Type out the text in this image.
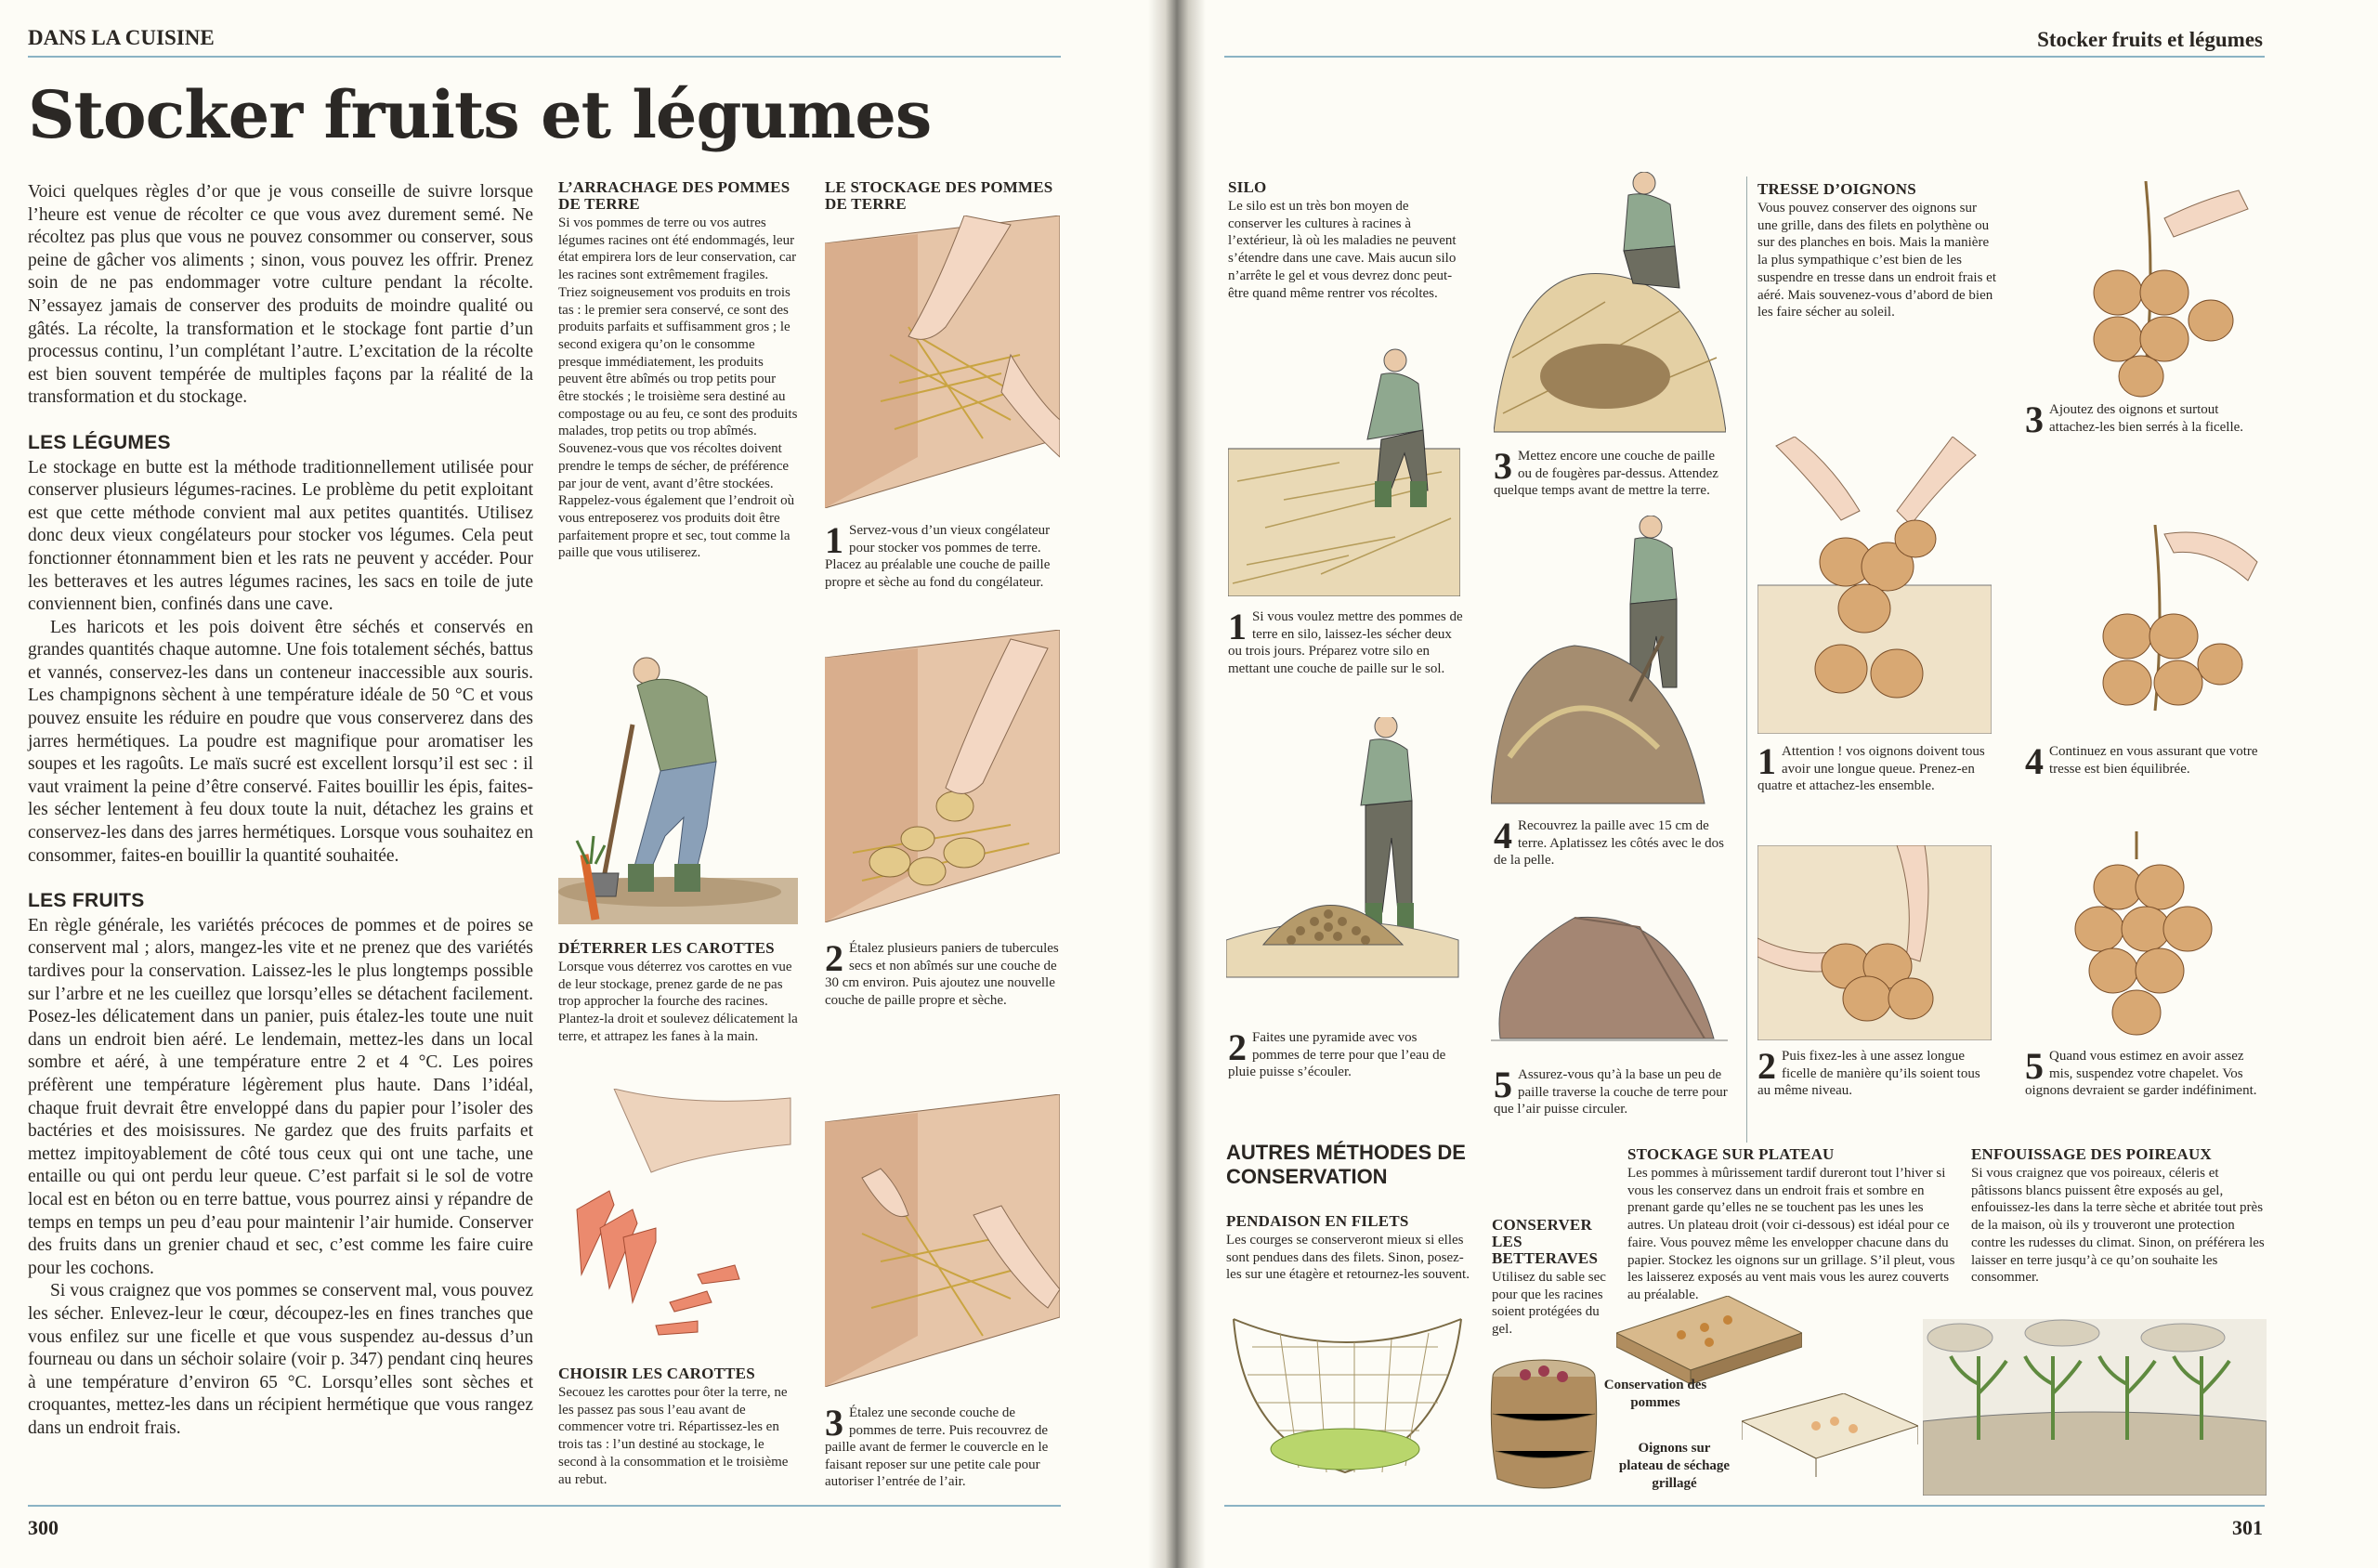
DANS LA CUISINE
Stocker fruits et légumes

Voici quelques règles d’or que je vous conseille de suivre lorsque l’heure est venue de récolter ce que vous avez durement semé. Ne récoltez pas plus que vous ne pouvez consommer ou conserver, sous peine de gâcher vos aliments ; sinon, vous pouvez les offrir. Prenez soin de ne pas endommager votre culture pendant la récolte. N’essayez jamais de conserver des produits de moindre qualité ou gâtés. La récolte, la transformation et le stockage font partie d’un processus continu, l’un complétant l’autre. L’excitation de la récolte est bien souvent tempérée de multiples façons par la réalité de la transformation et du stockage.

LES LÉGUMES

Le stockage en butte est la méthode traditionnellement utilisée pour conserver plusieurs légumes-racines. Le problème du petit exploitant est que cette méthode convient mal aux petites quantités. Utilisez donc deux vieux congélateurs pour stocker vos légumes. Cela peut fonctionner étonnamment bien et les rats ne peuvent y accéder. Pour les betteraves et les autres légumes racines, les sacs en toile de jute conviennent bien, confinés dans une cave.

Les haricots et les pois doivent être séchés et conservés en grandes quantités chaque automne. Une fois totalement séchés, battus et vannés, conservez-les dans un conteneur inaccessible aux souris. Les champignons sèchent à une température idéale de 50 °C et vous pouvez ensuite les réduire en poudre que vous conserverez dans des jarres hermétiques. La poudre est magnifique pour aromatiser les soupes et les ragoûts. Le maïs sucré est excellent lorsqu’il est sec : il vaut vraiment la peine d’être conservé. Faites bouillir les épis, faites-les sécher lentement à feu doux toute la nuit, détachez les grains et conservez-les dans des jarres hermétiques. Lorsque vous souhaitez en consommer, faites-en bouillir la quantité souhaitée.

LES FRUITS

En règle générale, les variétés précoces de pommes et de poires se conservent mal ; alors, mangez-les vite et ne prenez que des variétés tardives pour la conservation. Laissez-les le plus longtemps possible sur l’arbre et ne les cueillez que lorsqu’elles se détachent facilement. Posez-les délicatement dans un panier, puis étalez-les toute une nuit dans un endroit bien aéré. Le lendemain, mettez-les dans un local sombre et aéré, à une température entre 2 et 4 °C. Les poires préfèrent une température légèrement plus haute. Dans l’idéal, chaque fruit devrait être enveloppé dans du papier pour l’isoler des bactéries et des moisissures. Ne gardez que des fruits parfaits et mettez impitoyablement de côté tous ceux qui ont une tache, une entaille ou qui ont perdu leur queue. C’est parfait si le sol de votre local est en béton ou en terre battue, vous pourrez ainsi y répandre de temps en temps un peu d’eau pour maintenir l’air humide. Conserver des fruits dans un grenier chaud et sec, c’est comme les faire cuire pour les cochons.

Si vous craignez que vos pommes se conservent mal, vous pouvez les sécher. Enlevez-leur le cœur, découpez-les en fines tranches que vous enfilez sur une ficelle et que vous suspendez au-dessus d’un fourneau ou dans un séchoir solaire (voir p. 347) pendant cinq heures à une température d’environ 65 °C. Lorsqu’elles sont sèches et croquantes, mettez-les dans un récipient hermétique que vous rangez dans un endroit frais.

L’ARRACHAGE DES POMMES DE TERRE
Si vos pommes de terre ou vos autres légumes racines ont été endommagés, leur état empirera lors de leur conservation, car les racines sont extrêmement fragiles. Triez soigneusement vos produits en trois tas : le premier sera conservé, ce sont des produits parfaits et suffisamment gros ; le second exigera qu’on le consomme presque immédiatement, les produits peuvent être abîmés ou trop petits pour être stockés ; le troisième sera destiné au compostage ou au feu, ce sont des produits malades, trop petits ou trop abîmés. Souvenez-vous que vos récoltes doivent prendre le temps de sécher, de préférence par jour de vent, avant d’être stockées. Rappelez-vous également que l’endroit où vous entreposerez vos produits doit être parfaitement propre et sec, tout comme la paille que vous utiliserez.
DÉTERRER LES CAROTTES
Lorsque vous déterrez vos carottes en vue de leur stockage, prenez garde de ne pas trop approcher la fourche des racines. Plantez-la droit et soulevez délicatement la terre, et attrapez les fanes à la main.
CHOISIR LES CAROTTES
Secouez les carottes pour ôter la terre, ne les passez pas sous l’eau avant de commencer votre tri. Répartissez-les en trois tas : l’un destiné au stockage, le second à la consommation et le troisième au rebut.
LE STOCKAGE DES POMMES DE TERRE
1 Servez-vous d’un vieux congélateur pour stocker vos pommes de terre. Placez au préalable une couche de paille propre et sèche au fond du congélateur.
2 Étalez plusieurs paniers de tubercules secs et non abîmés sur une couche de 30 cm environ. Puis ajoutez une nouvelle couche de paille propre et sèche.
3 Étalez une seconde couche de pommes de terre. Puis recouvrez de paille avant de fermer le couvercle en le faisant reposer sur une petite cale pour autoriser l’entrée de l’air.
300
Stocker fruits et légumes
SILO
Le silo est un très bon moyen de conserver les cultures à racines à l’extérieur, là où les maladies ne peuvent s’étendre dans une cave. Mais aucun silo n’arrête le gel et vous devrez donc peut-être quand même rentrer vos récoltes.
1 Si vous voulez mettre des pommes de terre en silo, laissez-les sécher deux ou trois jours. Préparez votre silo en mettant une couche de paille sur le sol.
2 Faites une pyramide avec vos pommes de terre pour que l’eau de pluie puisse s’écouler.
3 Mettez encore une couche de paille ou de fougères par-dessus. Attendez quelque temps avant de mettre la terre.
4 Recouvrez la paille avec 15 cm de terre. Aplatissez les côtés avec le dos de la pelle.
5 Assurez-vous qu’à la base un peu de paille traverse la couche de terre pour que l’air puisse circuler.
TRESSE D’OIGNONS
Vous pouvez conserver des oignons sur une grille, dans des filets en polythène ou sur des planches en bois. Mais la manière la plus sympathique c’est bien de les suspendre en tresse dans un endroit frais et aéré. Mais souvenez-vous d’abord de bien les faire sécher au soleil.
1 Attention ! vos oignons doivent tous avoir une longue queue. Prenez-en quatre et attachez-les ensemble.
2 Puis fixez-les à une assez longue ficelle de manière qu’ils soient tous au même niveau.
3 Ajoutez des oignons et surtout attachez-les bien serrés à la ficelle.
4 Continuez en vous assurant que votre tresse est bien équilibrée.
5 Quand vous estimez en avoir assez mis, suspendez votre chapelet. Vos oignons devraient se garder indéfiniment.
AUTRES MÉTHODES DE CONSERVATION
PENDAISON EN FILETS
Les courges se conserveront mieux si elles sont pendues dans des filets. Sinon, posez-les sur une étagère et retournez-les souvent.
CONSERVER LES BETTERAVES
Utilisez du sable sec pour que les racines soient protégées du gel.
STOCKAGE SUR PLATEAU
Les pommes à mûrissement tardif dureront tout l’hiver si vous les conservez dans un endroit frais et sombre en prenant garde qu’elles ne se touchent pas les unes les autres. Un plateau droit (voir ci-dessous) est idéal pour ce faire. Vous pouvez même les envelopper chacune dans du papier. Stockez les oignons sur un grillage. S’il pleut, vous les laisserez exposés au vent mais vous les aurez couverts au préalable.
Conservation des pommes
Oignons sur plateau de séchage grillagé
ENFOUISSAGE DES POIREAUX
Si vous craignez que vos poireaux, céleris et pâtissons blancs puissent être exposés au gel, enfouissez-les dans la terre sèche et abritée tout près de la maison, où ils y trouveront une protection contre les rudesses du climat. Sinon, on préférera les laisser en terre jusqu’à ce qu’on souhaite les consommer.
301
